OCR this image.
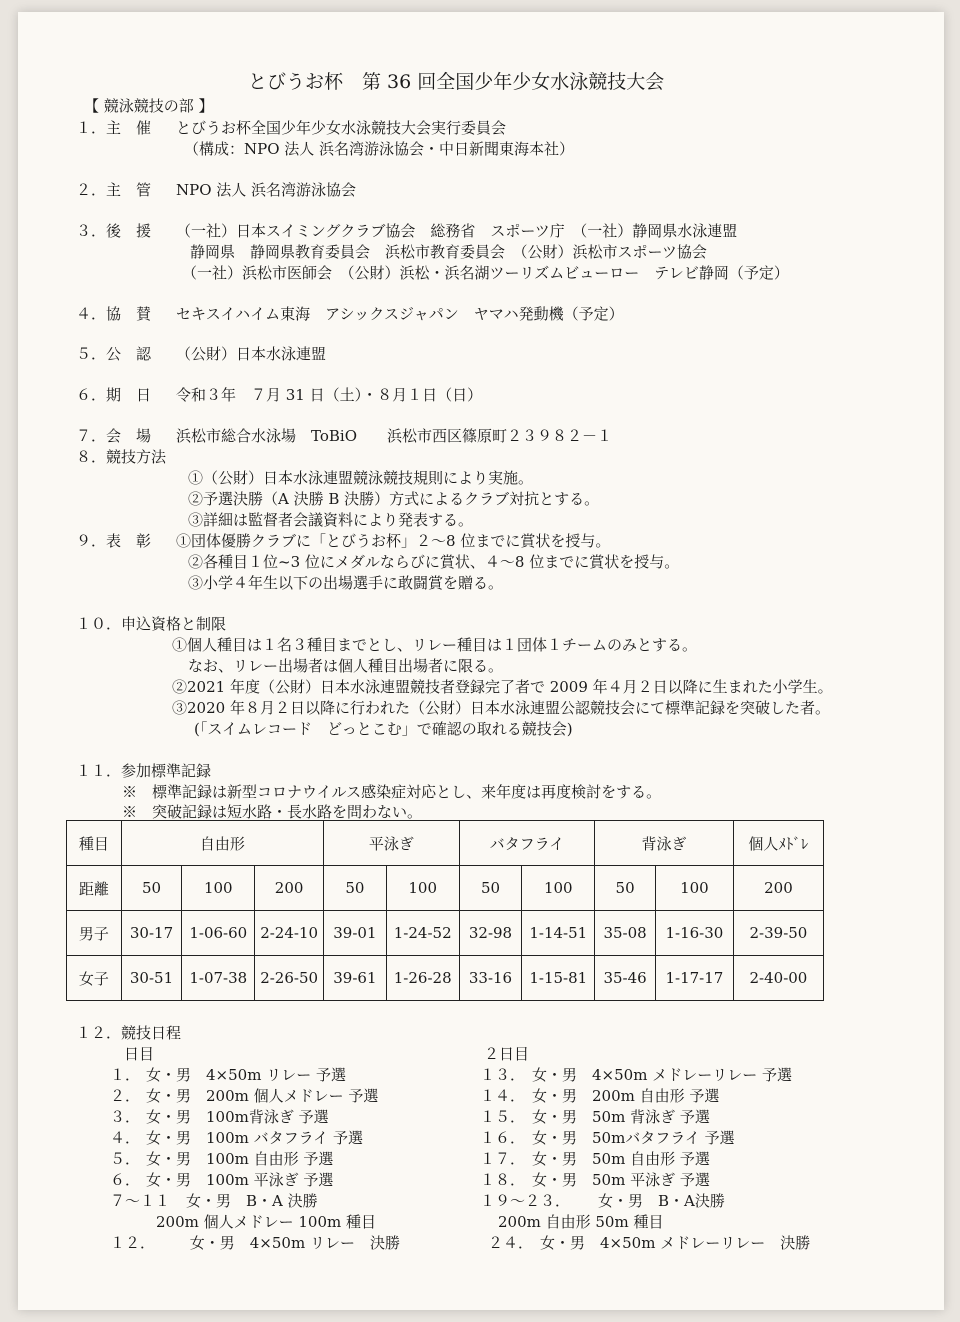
とびうお杯　第 36 回全国少年少女水泳競技大会
【 競泳競技の部 】
１．主　催 とびうお杯全国少年少女水泳競技大会実行委員会
（構成：NPO 法人 浜名湾游泳協会・中日新聞東海本社）
２．主　管 NPO 法人 浜名湾游泳協会
３．後　援 （一社）日本スイミングクラブ協会　総務省　スポーツ庁　（一社）静岡県水泳連盟
静岡県　静岡県教育委員会　浜松市教育委員会　（公財）浜松市スポーツ協会
（一社）浜松市医師会　（公財）浜松・浜名湖ツーリズムビューロー　テレビ静岡（予定）
４．協　賛 セキスイハイム東海　アシックスジャパン　ヤマハ発動機（予定）
５．公　認 （公財）日本水泳連盟
６．期　日 令和３年　７月 31 日（土）・８月１日（日）
７．会　場 浜松市総合水泳場　ToBiO　　浜松市西区篠原町２３９８２－１
８．競技方法
①（公財）日本水泳連盟競泳競技規則により実施。
②予選決勝（A 決勝 B 決勝）方式によるクラブ対抗とする。
③詳細は監督者会議資料により発表する。
９．表　彰 ①団体優勝クラブに「とびうお杯」２～8 位までに賞状を授与。
②各種目１位~3 位にメダルならびに賞状、４～8 位までに賞状を授与。
③小学４年生以下の出場選手に敢闘賞を贈る。
１０．申込資格と制限
①個人種目は１名３種目までとし、リレー種目は１団体１チームのみとする。
なお、リレー出場者は個人種目出場者に限る。
②2021 年度（公財）日本水泳連盟競技者登録完了者で 2009 年４月２日以降に生まれた小学生。
③2020 年８月２日以降に行われた（公財）日本水泳連盟公認競技会にて標準記録を突破した者。
(「スイムレコード　どっとこむ」で確認の取れる競技会)
１１．参加標準記録
※　標準記録は新型コロナウイルス感染症対応とし、来年度は再度検討をする。
※　突破記録は短水路・長水路を問わない。
種目	自由形			平泳ぎ		バタフライ		背泳ぎ		個人ﾒﾄﾞﾚ
距離	50	100	200	50	100	50	100	50	100	200
男子	30-17	1-06-60	2-24-10	39-01	1-24-52	32-98	1-14-51	35-08	1-16-30	2-39-50
女子	30-51	1-07-38	2-26-50	39-61	1-26-28	33-16	1-15-81	35-46	1-17-17	2-40-00
１２．競技日程
日目	２日目
１． 女・男　4×50m リレー 予選
２． 女・男　200m 個人メドレー 予選
３． 女・男　100m背泳ぎ 予選
４． 女・男　100m バタフライ 予選
５． 女・男　100m 自由形 予選
６． 女・男　100m 平泳ぎ 予選
７～１１ 女・男　B・A 決勝
200m 個人メドレー 100m 種目
１２．　 女・男　4×50m リレー　決勝
１３． 女・男　4×50m メドレーリレー 予選
１４． 女・男　200m 自由形 予選
１５． 女・男　50m 背泳ぎ 予選
１６． 女・男　50mバタフライ 予選
１７． 女・男　50m 自由形 予選
１８． 女・男　50m 平泳ぎ 予選
１９～２３． 女・男　B・A決勝
200m 自由形 50m 種目
２４． 女・男　4×50m メドレーリレー　決勝
